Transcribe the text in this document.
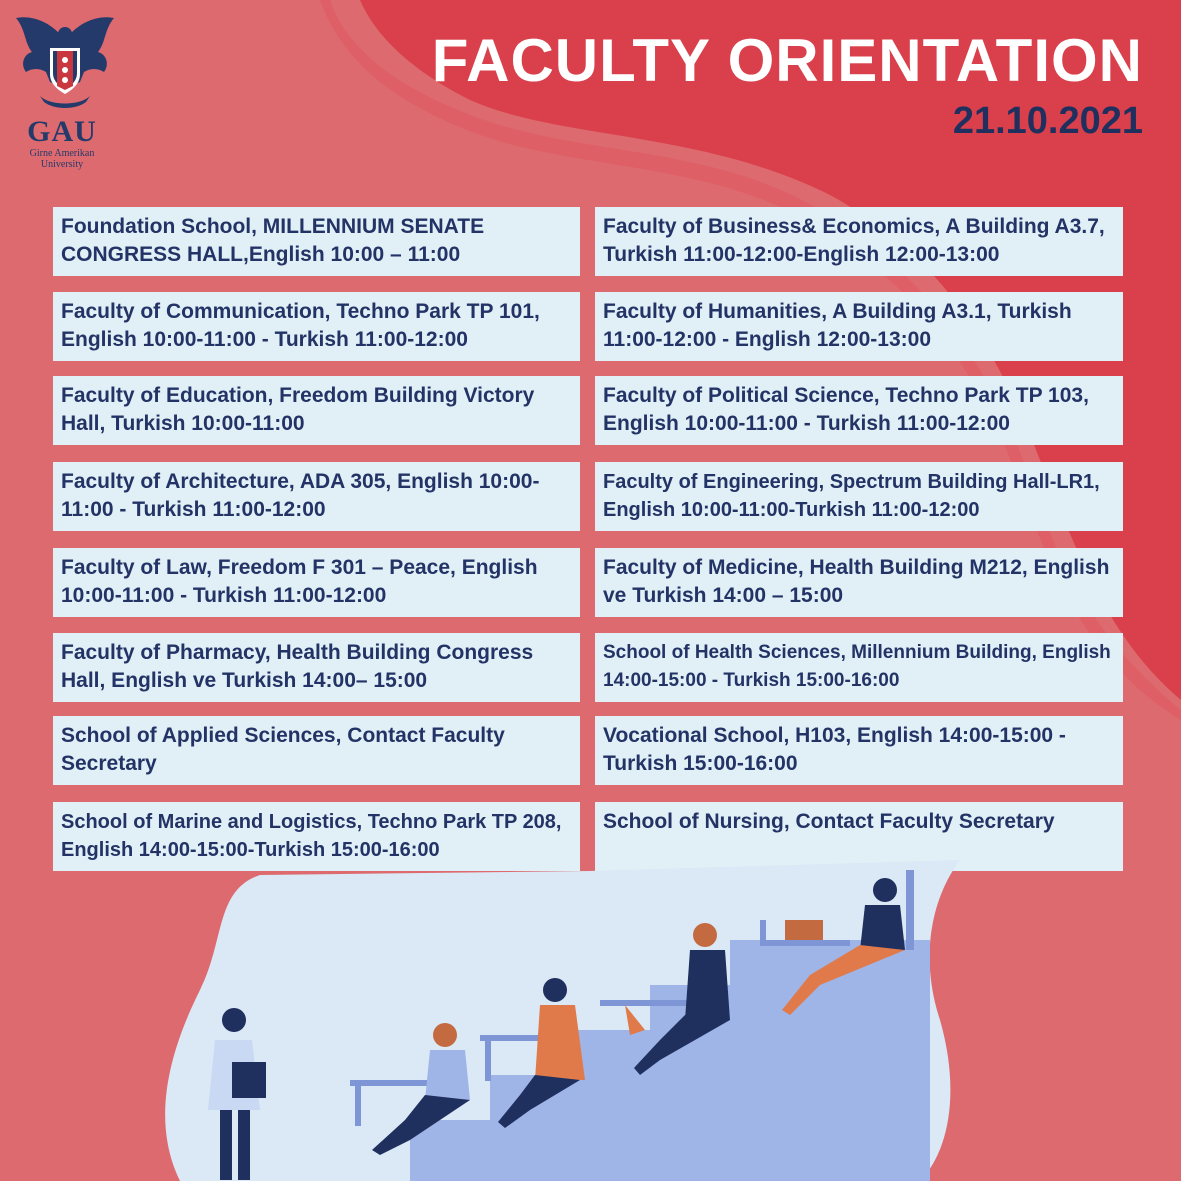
GAU
Girne Amerikan
University
FACULTY ORIENTATION
21.10.2021
Foundation School, MILLENNIUM SENATE CONGRESS HALL,English 10:00 – 11:00
Faculty of Communication, Techno Park TP 101, English 10:00-11:00 - Turkish 11:00-12:00
Faculty of Education, Freedom Building Victory Hall, Turkish 10:00-11:00
Faculty of Architecture, ADA 305, English 10:00-11:00 - Turkish 11:00-12:00
Faculty of Law, Freedom F 301 – Peace, English 10:00-11:00 - Turkish 11:00-12:00
Faculty of Pharmacy, Health Building Congress Hall, English ve Turkish 14:00– 15:00
School of Applied Sciences, Contact Faculty Secretary
School of Marine and Logistics, Techno Park TP 208, English 14:00-15:00-Turkish 15:00-16:00
Faculty of Business& Economics, A Building A3.7, Turkish 11:00-12:00-English 12:00-13:00
Faculty of Humanities, A Building A3.1, Turkish 11:00-12:00 - English 12:00-13:00
Faculty of Political Science, Techno Park TP 103, English 10:00-11:00 - Turkish 11:00-12:00
Faculty of Engineering, Spectrum Building Hall-LR1, English 10:00-11:00-Turkish 11:00-12:00
Faculty of Medicine, Health Building M212, English ve Turkish 14:00 – 15:00
School of Health Sciences, Millennium Building, English 14:00-15:00 - Turkish 15:00-16:00
Vocational School, H103, English 14:00-15:00 - Turkish 15:00-16:00
School of Nursing, Contact Faculty Secretary
